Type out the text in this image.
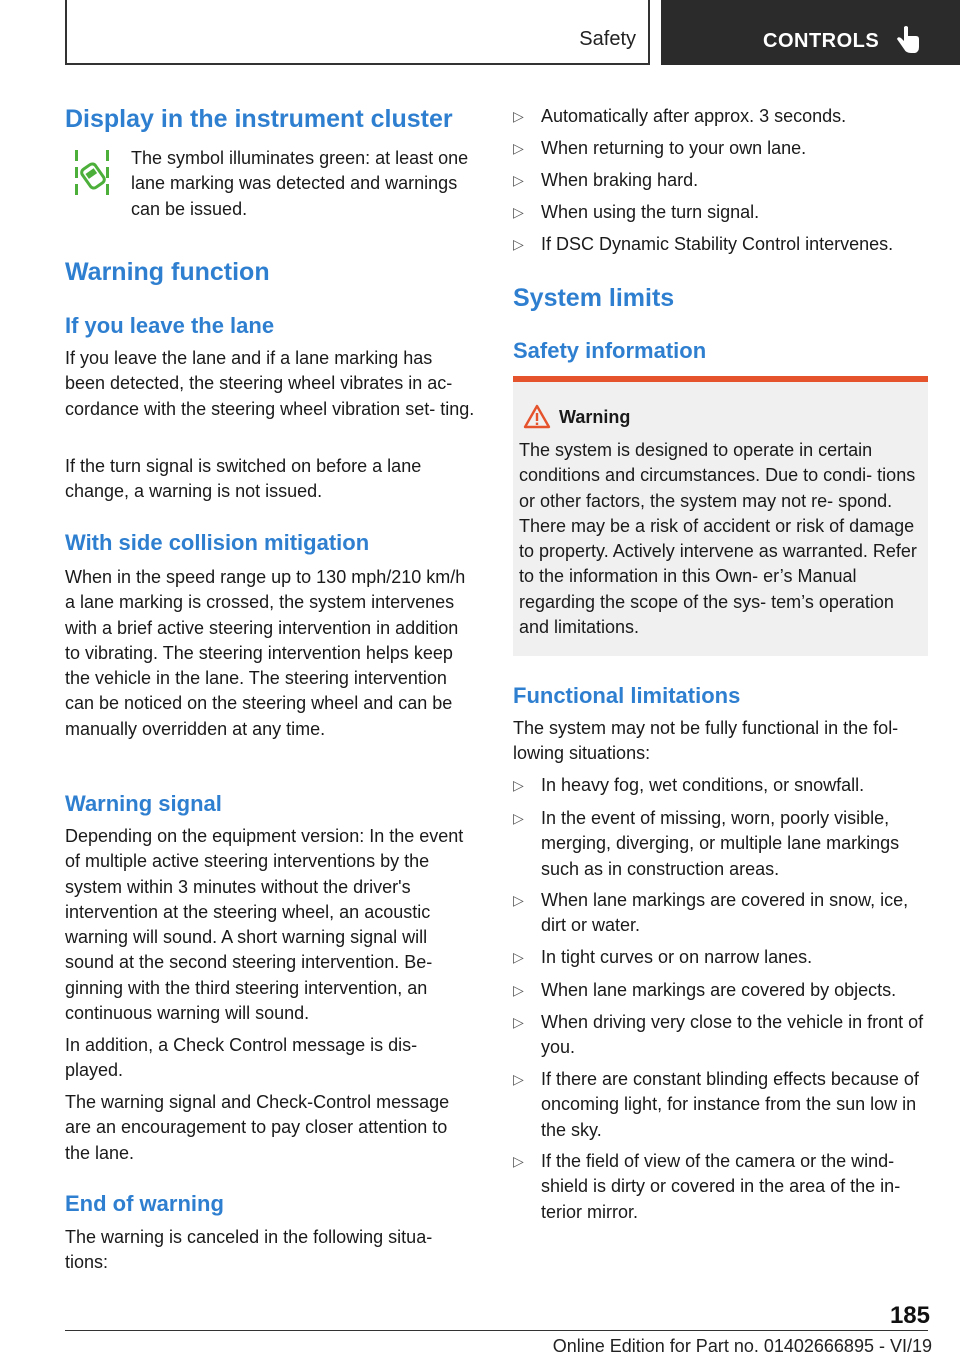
Safety	CONTROLS
Display in the instrument cluster
The symbol illuminates green: at least one lane marking was detected and warnings can be issued.
Warning function
If you leave the lane

If you leave the lane and if a lane marking has been detected, the steering wheel vibrates in ac‐ cordance with the steering wheel vibration set‐ ting.

If the turn signal is switched on before a lane change, a warning is not issued.

With side collision mitigation

When in the speed range up to 130 mph/210 km/h a lane marking is crossed, the system intervenes with a brief active steering intervention in addition to vibrating. The steering intervention helps keep the vehicle in the lane. The steering intervention can be noticed on the steering wheel and can be manually overridden at any time.

Warning signal

Depending on the equipment version: In the event of multiple active steering interventions by the system within 3 minutes without the driver's intervention at the steering wheel, an acoustic warning will sound. A short warning signal will sound at the second steering intervention. Be‐ ginning with the third steering intervention, an continuous warning will sound.

In addition, a Check Control message is dis‐ played.

The warning signal and Check-Control message are an encouragement to pay closer attention to the lane.

End of warning

The warning is canceled in the following situa‐ tions:

▷ Automatically after approx. 3 seconds.
▷ When returning to your own lane.
▷ When braking hard.
▷ When using the turn signal.
▷ If DSC Dynamic Stability Control intervenes.
System limits
Safety information
Warning
The system is designed to operate in certain conditions and circumstances. Due to condi‐ tions or other factors, the system may not re‐ spond. There may be a risk of accident or risk of damage to property. Actively intervene as warranted. Refer to the information in this Own‐ er’s Manual regarding the scope of the sys‐ tem’s operation and limitations.
Functional limitations

The system may not be fully functional in the fol‐ lowing situations:

▷ In heavy fog, wet conditions, or snowfall.
▷ In the event of missing, worn, poorly visible, merging, diverging, or multiple lane markings such as in construction areas.
▷ When lane markings are covered in snow, ice, dirt or water.
▷ In tight curves or on narrow lanes.
▷ When lane markings are covered by objects.
▷ When driving very close to the vehicle in front of you.
▷ If there are constant blinding effects because of oncoming light, for instance from the sun low in the sky.
▷ If the field of view of the camera or the wind‐ shield is dirty or covered in the area of the in‐ terior mirror.
185
Online Edition for Part no. 01402666895 - VI/19
